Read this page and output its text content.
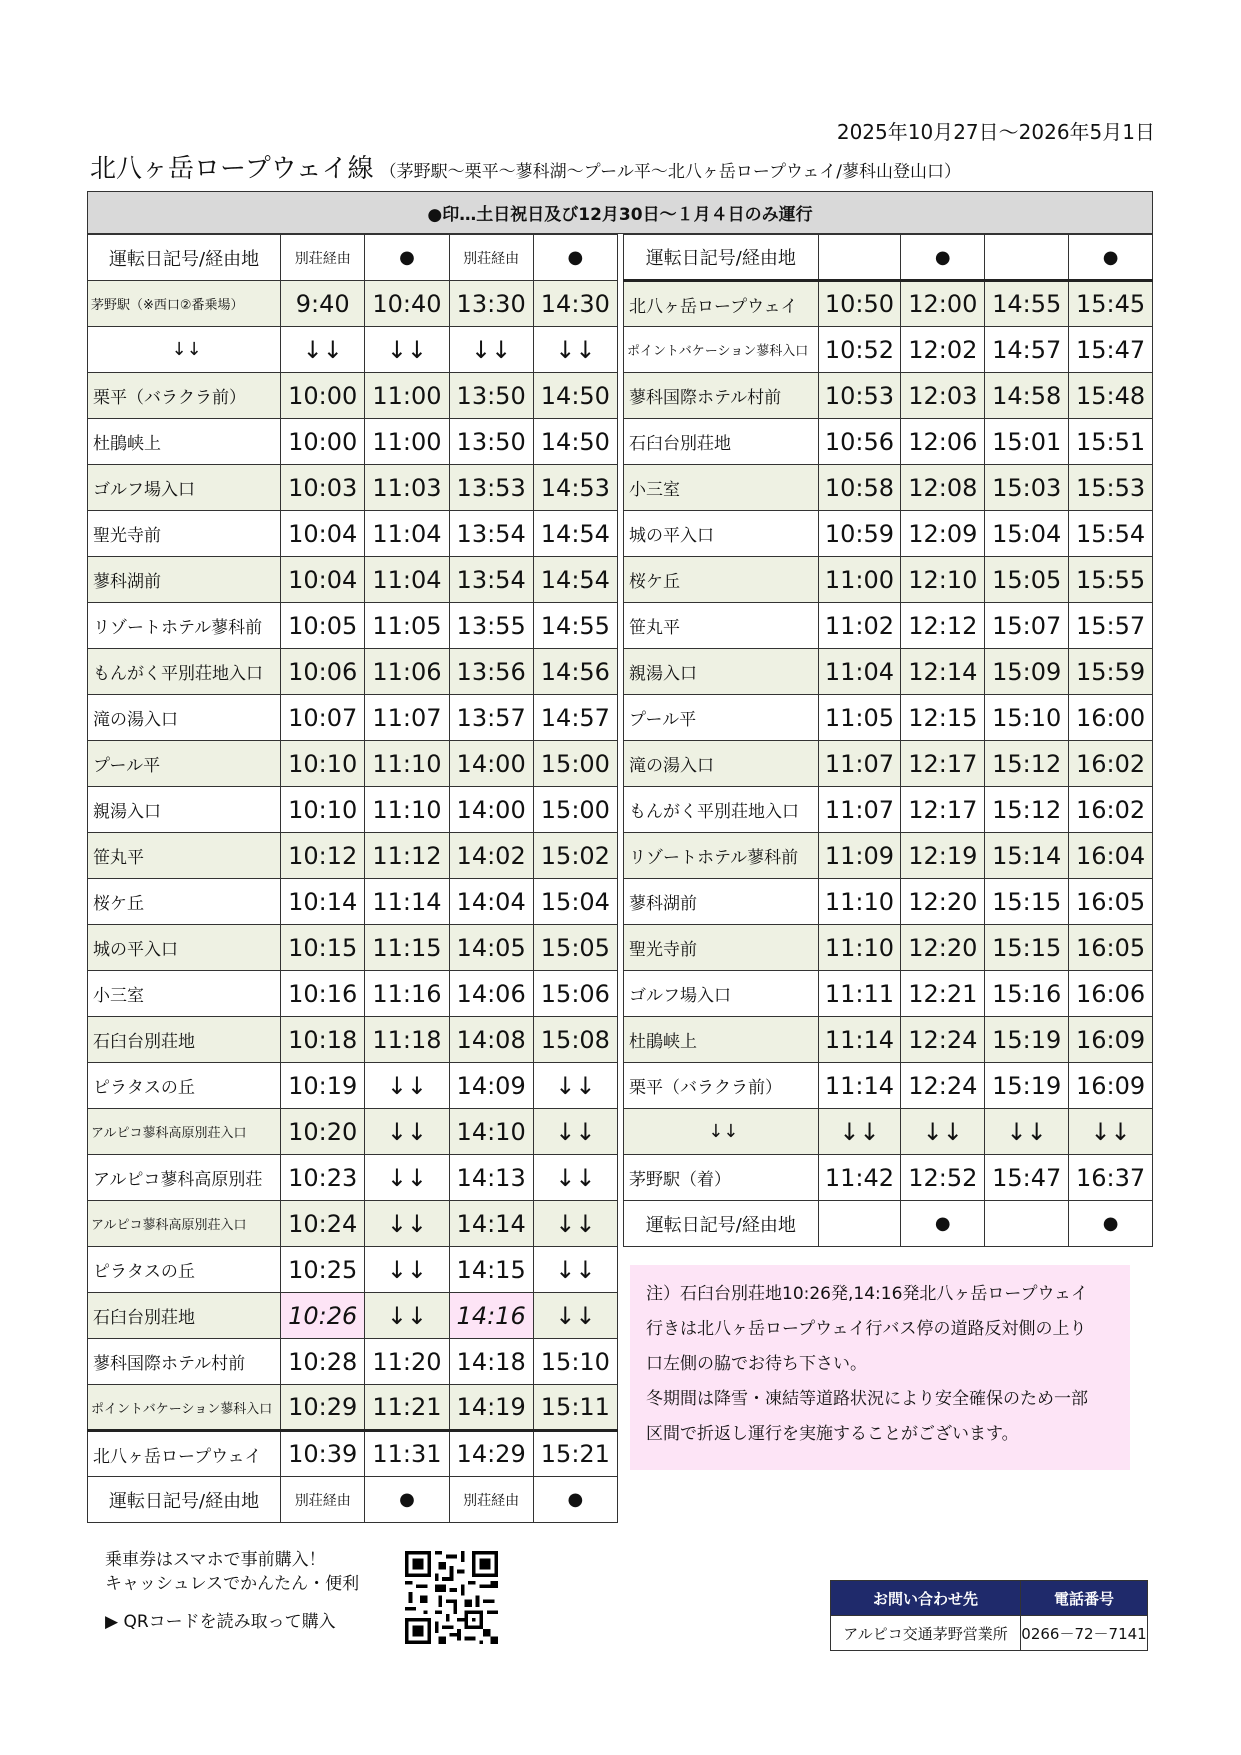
2025年10月27日～2026年5月1日
北八ヶ岳ロープウェイ線 （茅野駅～栗平～蓼科湖～プール平～北八ヶ岳ロープウェイ/蓼科山登山口）
●印…土日祝日及び12月30日～１月４日のみ運行
運転日記号/経由地	別荘経由	●	別荘経由	●
茅野駅（※西口②番乗場）	9:40	10:40	13:30	14:30
↓↓	↓↓	↓↓	↓↓	↓↓
栗平（バラクラ前）	10:00	11:00	13:50	14:50
杜鵑峡上	10:00	11:00	13:50	14:50
ゴルフ場入口	10:03	11:03	13:53	14:53
聖光寺前	10:04	11:04	13:54	14:54
蓼科湖前	10:04	11:04	13:54	14:54
リゾートホテル蓼科前	10:05	11:05	13:55	14:55
もんがく平別荘地入口	10:06	11:06	13:56	14:56
滝の湯入口	10:07	11:07	13:57	14:57
プール平	10:10	11:10	14:00	15:00
親湯入口	10:10	11:10	14:00	15:00
笹丸平	10:12	11:12	14:02	15:02
桜ケ丘	10:14	11:14	14:04	15:04
城の平入口	10:15	11:15	14:05	15:05
小三室	10:16	11:16	14:06	15:06
石臼台別荘地	10:18	11:18	14:08	15:08
ピラタスの丘	10:19	↓↓	14:09	↓↓
アルピコ蓼科高原別荘入口	10:20	↓↓	14:10	↓↓
アルピコ蓼科高原別荘	10:23	↓↓	14:13	↓↓
アルピコ蓼科高原別荘入口	10:24	↓↓	14:14	↓↓
ピラタスの丘	10:25	↓↓	14:15	↓↓
石臼台別荘地	10:26	↓↓	14:16	↓↓
蓼科国際ホテル村前	10:28	11:20	14:18	15:10
ポイントバケーション蓼科入口	10:29	11:21	14:19	15:11
北八ヶ岳ロープウェイ	10:39	11:31	14:29	15:21
運転日記号/経由地	別荘経由	●	別荘経由	●
運転日記号/経由地		●		●
北八ヶ岳ロープウェイ	10:50	12:00	14:55	15:45
ポイントバケーション蓼科入口	10:52	12:02	14:57	15:47
蓼科国際ホテル村前	10:53	12:03	14:58	15:48
石臼台別荘地	10:56	12:06	15:01	15:51
小三室	10:58	12:08	15:03	15:53
城の平入口	10:59	12:09	15:04	15:54
桜ケ丘	11:00	12:10	15:05	15:55
笹丸平	11:02	12:12	15:07	15:57
親湯入口	11:04	12:14	15:09	15:59
プール平	11:05	12:15	15:10	16:00
滝の湯入口	11:07	12:17	15:12	16:02
もんがく平別荘地入口	11:07	12:17	15:12	16:02
リゾートホテル蓼科前	11:09	12:19	15:14	16:04
蓼科湖前	11:10	12:20	15:15	16:05
聖光寺前	11:10	12:20	15:15	16:05
ゴルフ場入口	11:11	12:21	15:16	16:06
杜鵑峡上	11:14	12:24	15:19	16:09
栗平（バラクラ前）	11:14	12:24	15:19	16:09
↓↓	↓↓	↓↓	↓↓	↓↓
茅野駅（着）	11:42	12:52	15:47	16:37
運転日記号/経由地		●		●

注）石臼台別荘地10:26発,14:16発北八ヶ岳ロープウェイ

行きは北八ヶ岳ロープウェイ行バス停の道路反対側の上り

口左側の脇でお待ち下さい。

冬期間は降雪・凍結等道路状況により安全確保のため一部

区間で折返し運行を実施することがございます。

乗車券はスマホで事前購入！
キャッシュレスでかんたん・便利
▶ QRコードを読み取って購入
お問い合わせ先	電話番号
アルピコ交通茅野営業所	0266－72－7141
